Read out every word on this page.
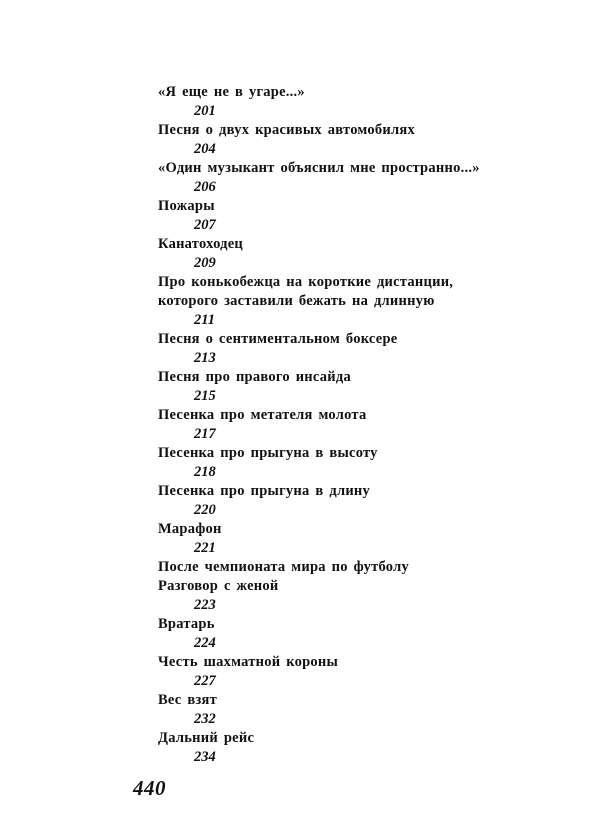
«Я еще не в угаре...»
201
Песня о двух красивых автомобилях
204
«Один музыкант объяснил мне пространно...»
206
Пожары
207
Канатоходец
209
Про конькобежца на короткие дистанции,
которого заставили бежать на длинную
211
Песня о сентиментальном боксере
213
Песня про правого инсайда
215
Песенка про метателя молота
217
Песенка про прыгуна в высоту
218
Песенка про прыгуна в длину
220
Марафон
221
После чемпионата мира по футболу
Разговор с женой
223
Вратарь
224
Честь шахматной короны
227
Вес взят
232
Дальний рейс
234
440
